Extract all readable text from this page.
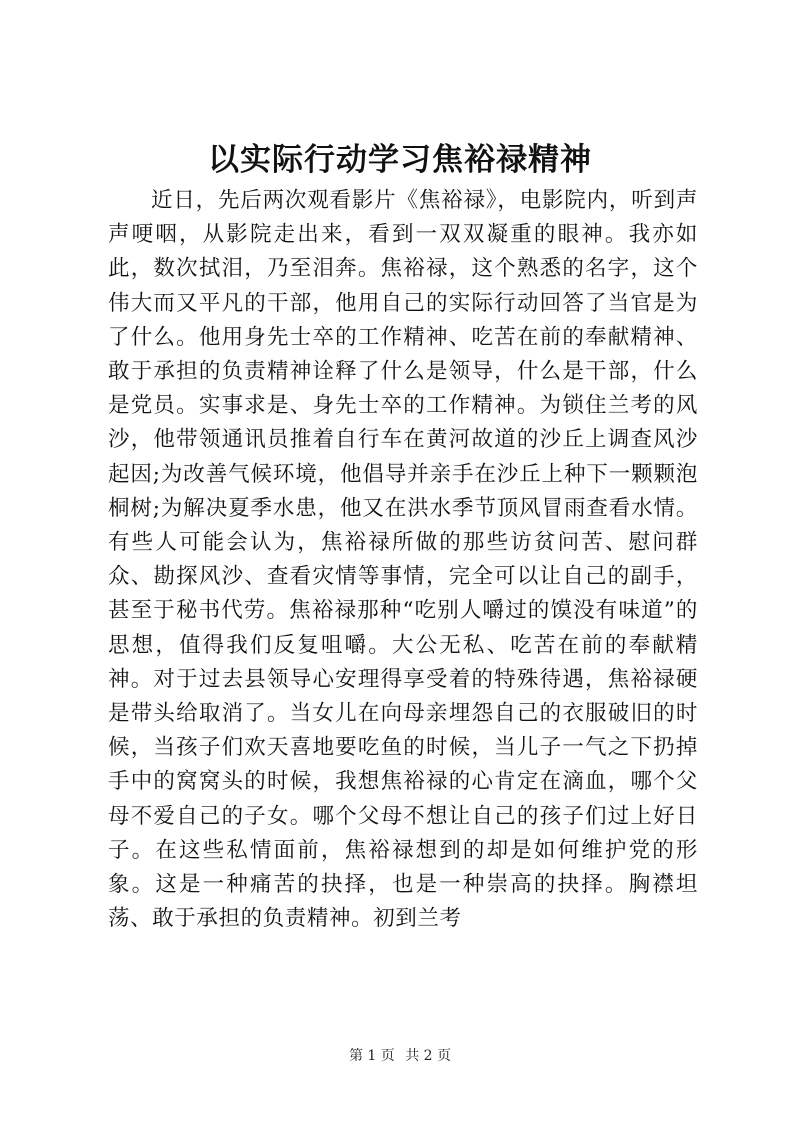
以实际行动学习焦裕禄精神

近日，先后两次观看影片《焦裕禄》，电影院内，听到声声哽咽，从影院走出来，看到一双双凝重的眼神。我亦如此，数次拭泪，乃至泪奔。焦裕禄，这个熟悉的名字，这个伟大而又平凡的干部，他用自己的实际行动回答了当官是为了什么。他用身先士卒的工作精神、吃苦在前的奉献精神、敢于承担的负责精神诠释了什么是领导，什么是干部，什么是党员。实事求是、身先士卒的工作精神。为锁住兰考的风沙，他带领通讯员推着自行车在黄河故道的沙丘上调查风沙起因;为改善气候环境，他倡导并亲手在沙丘上种下一颗颗泡桐树;为解决夏季水患，他又在洪水季节顶风冒雨查看水情。有些人可能会认为，焦裕禄所做的那些访贫问苦、慰问群众、勘探风沙、查看灾情等事情，完全可以让自己的副手，甚至于秘书代劳。焦裕禄那种“吃别人嚼过的馍没有味道”的思想，值得我们反复咀嚼。大公无私、吃苦在前的奉献精神。对于过去县领导心安理得享受着的特殊待遇，焦裕禄硬是带头给取消了。当女儿在向母亲埋怨自己的衣服破旧的时候，当孩子们欢天喜地要吃鱼的时候，当儿子一气之下扔掉手中的窝窝头的时候，我想焦裕禄的心肯定在滴血，哪个父母不爱自己的子女。哪个父母不想让自己的孩子们过上好日子。在这些私情面前，焦裕禄想到的却是如何维护党的形象。这是一种痛苦的抉择，也是一种崇高的抉择。胸襟坦荡、敢于承担的负责精神。初到兰考

第 1 页 共 2 页
